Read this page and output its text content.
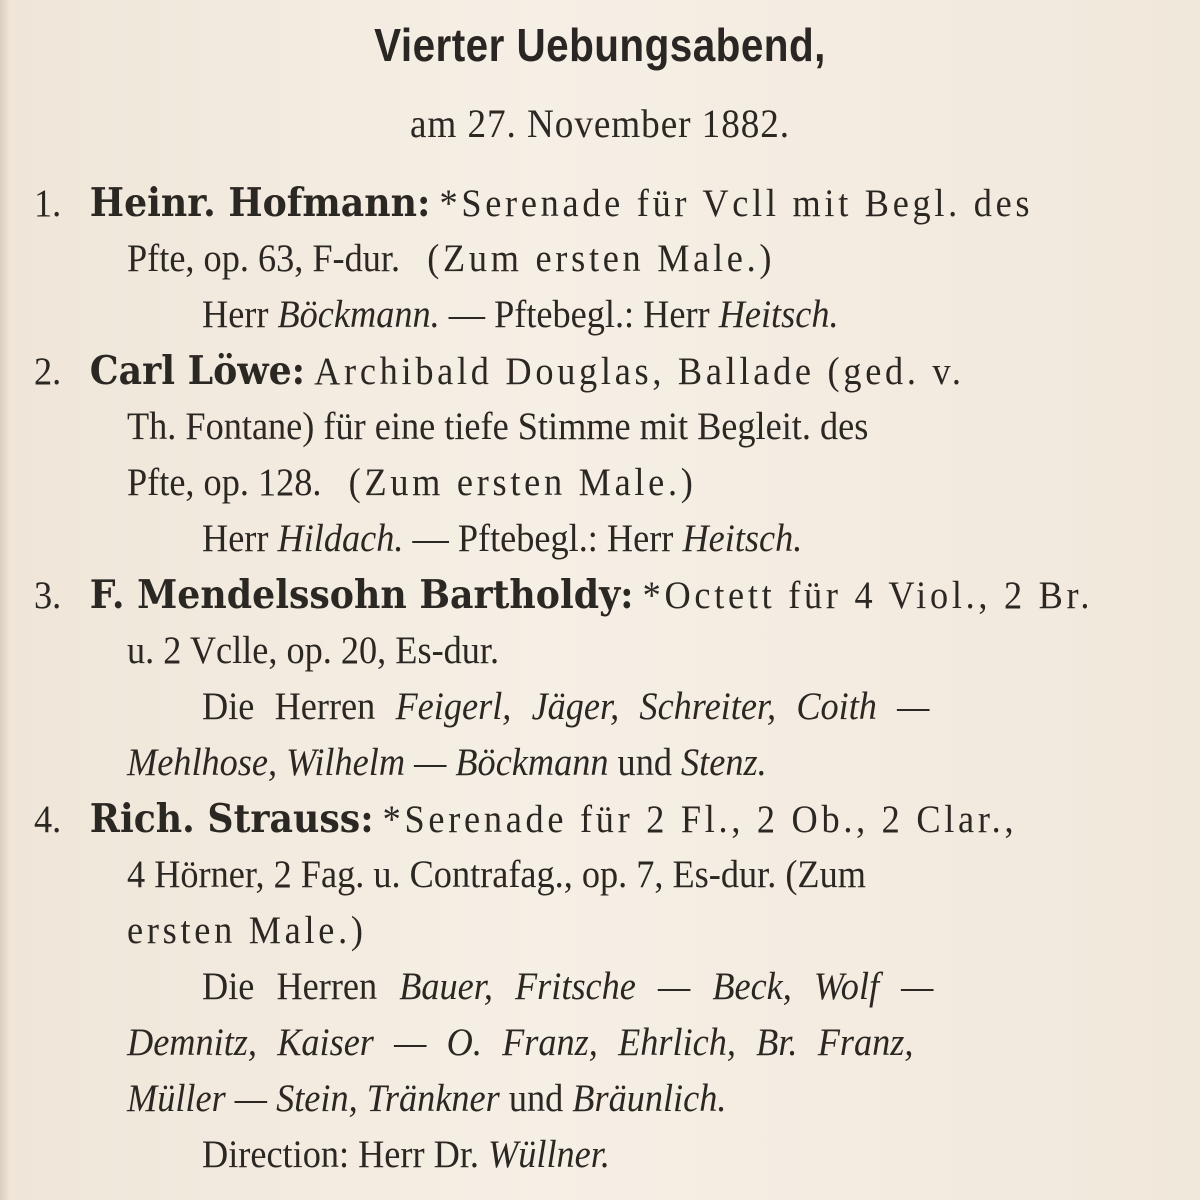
Vierter Uebungsabend,
am 27. November 1882.
1. Heinr. Hofmann: *Serenade für Vcll mit Begl. des
Pfte, op. 63, F-dur. (Zum ersten Male.)
Herr Böckmann. — Pftebegl.: Herr Heitsch.
2. Carl Löwe: Archibald Douglas, Ballade (ged. v.
Th. Fontane) für eine tiefe Stimme mit Begleit. des
Pfte, op. 128. (Zum ersten Male.)
Herr Hildach. — Pftebegl.: Herr Heitsch.
3. F. Mendelssohn Bartholdy: *Octett für 4 Viol., 2 Br.
u. 2 Vclle, op. 20, Es-dur.
Die Herren Feigerl, Jäger, Schreiter, Coith —
Mehlhose, Wilhelm — Böckmann und Stenz.
4. Rich. Strauss: *Serenade für 2 Fl., 2 Ob., 2 Clar.,
4 Hörner, 2 Fag. u. Contrafag., op. 7, Es-dur. (Zum
ersten Male.)
Die Herren Bauer, Fritsche — Beck, Wolf —
Demnitz, Kaiser — O. Franz, Ehrlich, Br. Franz,
Müller — Stein, Tränkner und Bräunlich.
Direction: Herr Dr. Wüllner.
